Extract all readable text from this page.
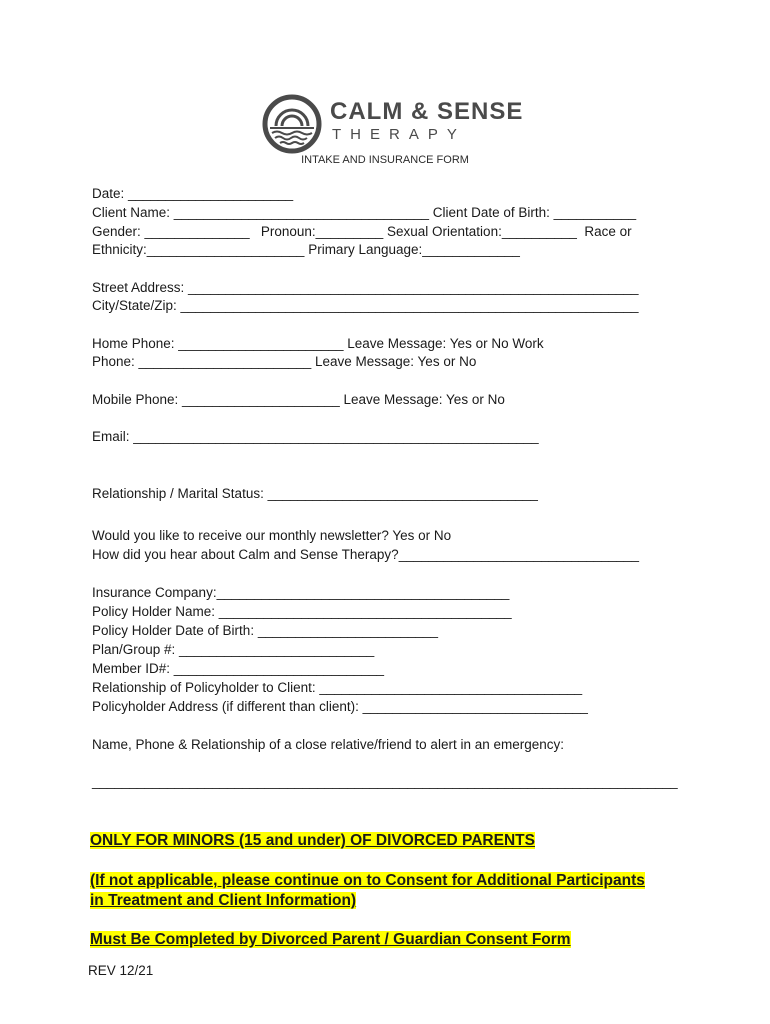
CALM & SENSE
THERAPY
INTAKE AND INSURANCE FORM
Date: ______________________
Client Name: __________________________________ Client Date of Birth: ___________
Gender: ______________   Pronoun:_________ Sexual Orientation:__________  Race or
Ethnicity:_____________________ Primary Language:_____________
Street Address: ____________________________________________________________
City/State/Zip: _____________________________________________________________
Home Phone: ______________________ Leave Message: Yes or No Work
Phone: _______________________ Leave Message: Yes or No
Mobile Phone: _____________________ Leave Message: Yes or No
Email: ______________________________________________________
Relationship / Marital Status: ____________________________________
Would you like to receive our monthly newsletter? Yes or No
How did you hear about Calm and Sense Therapy?________________________________
Insurance Company:_______________________________________
Policy Holder Name: _______________________________________
Policy Holder Date of Birth: ________________________
Plan/Group #: __________________________
Member ID#: ____________________________
Relationship of Policyholder to Client: ___________________________________
Policyholder Address (if different than client): ______________________________
Name, Phone & Relationship of a close relative/friend to alert in an emergency:
______________________________________________________________________________
ONLY FOR MINORS (15 and under) OF DIVORCED PARENTS
(If not applicable, please continue on to Consent for Additional Participants
in Treatment and Client Information)
Must Be Completed by Divorced Parent / Guardian Consent Form
REV 12/21
